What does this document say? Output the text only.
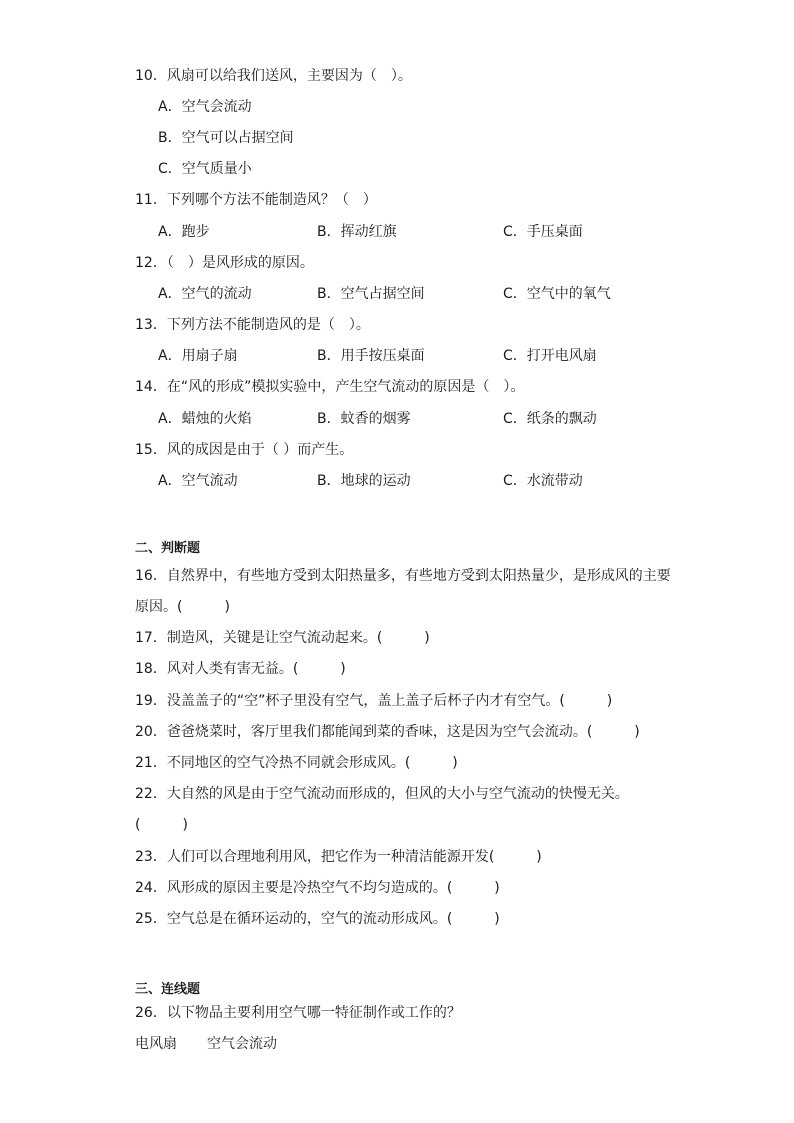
10．风扇可以给我们送风，主要因为（　）。
A．空气会流动
B．空气可以占据空间
C．空气质量小
11．下列哪个方法不能制造风？（　）
A．跑步	B．挥动红旗	C．手压桌面
12．（　）是风形成的原因。
A．空气的流动	B．空气占据空间	C．空气中的氧气
13．下列方法不能制造风的是（　）。
A．用扇子扇	B．用手按压桌面	C．打开电风扇
14．在“风的形成”模拟实验中，产生空气流动的原因是（　）。
A．蜡烛的火焰	B．蚊香的烟雾	C．纸条的飘动
15．风的成因是由于（ ）而产生。
A．空气流动	B．地球的运动	C．水流带动
二、判断题
16．自然界中，有些地方受到太阳热量多，有些地方受到太阳热量少，是形成风的主要
原因。(　　　)
17．制造风，关键是让空气流动起来。(　　　)
18．风对人类有害无益。(　　　)
19．没盖盖子的“空”杯子里没有空气，盖上盖子后杯子内才有空气。(　　　)
20．爸爸烧菜时，客厅里我们都能闻到菜的香味，这是因为空气会流动。(　　　)
21．不同地区的空气冷热不同就会形成风。(　　　)
22．大自然的风是由于空气流动而形成的，但风的大小与空气流动的快慢无关。
(　　　)
23．人们可以合理地利用风，把它作为一种清洁能源开发(　　　)
24．风形成的原因主要是冷热空气不均匀造成的。(　　　)
25．空气总是在循环运动的，空气的流动形成风。(　　　)
三、连线题
26．以下物品主要利用空气哪一特征制作或工作的？
电风扇 空气会流动
